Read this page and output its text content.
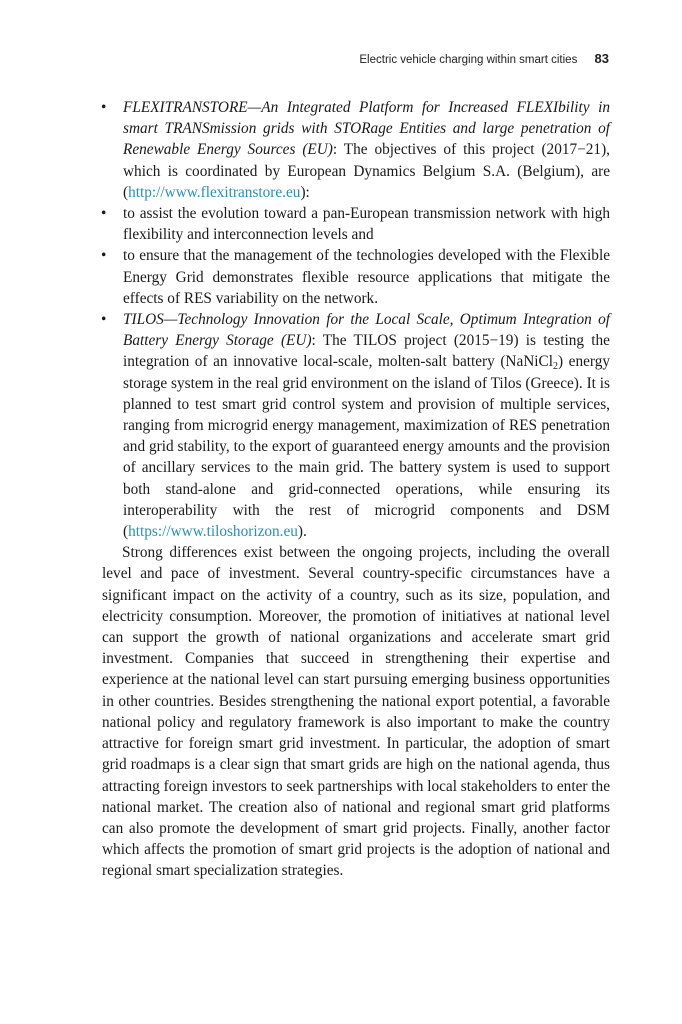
Electric vehicle charging within smart cities 83
• FLEXITRANSTORE—An Integrated Platform for Increased FLEXIbility in smart TRANSmission grids with STORage Entities and large penetration of Renewable Energy Sources (EU): The objectives of this project (2017−21), which is coordinated by European Dynamics Belgium S.A. (Belgium), are (http://www.flexitranstore.eu):
• to assist the evolution toward a pan-European transmission network with high flexibility and interconnection levels and
• to ensure that the management of the technologies developed with the Flexible Energy Grid demonstrates flexible resource applications that mitigate the effects of RES variability on the network.
• TILOS—Technology Innovation for the Local Scale, Optimum Integration of Battery Energy Storage (EU): The TILOS project (2015−19) is testing the integration of an innovative local-scale, molten-salt battery (NaNiCl$_2$) energy storage system in the real grid environment on the island of Tilos (Greece). It is planned to test smart grid control system and provision of multiple services, ranging from microgrid energy management, maximization of RES penetration and grid stability, to the export of guaranteed energy amounts and the provision of ancillary services to the main grid. The battery system is used to support both stand-alone and grid-connected operations, while ensuring its interoperability with the rest of microgrid components and DSM (https://www.tiloshorizon.eu).

Strong differences exist between the ongoing projects, including the overall level and pace of investment. Several country-specific circumstances have a significant impact on the activity of a country, such as its size, population, and electricity consumption. Moreover, the promotion of initiatives at national level can support the growth of national organizations and accelerate smart grid investment. Companies that succeed in strengthening their expertise and experience at the national level can start pursuing emerging business opportunities in other countries. Besides strengthening the national export potential, a favorable national policy and regulatory framework is also important to make the country attractive for foreign smart grid investment. In particular, the adoption of smart grid roadmaps is a clear sign that smart grids are high on the national agenda, thus attracting foreign investors to seek partnerships with local stakeholders to enter the national market. The creation also of national and regional smart grid platforms can also promote the development of smart grid projects. Finally, another factor which affects the promotion of smart grid projects is the adoption of national and regional smart specialization strategies.
